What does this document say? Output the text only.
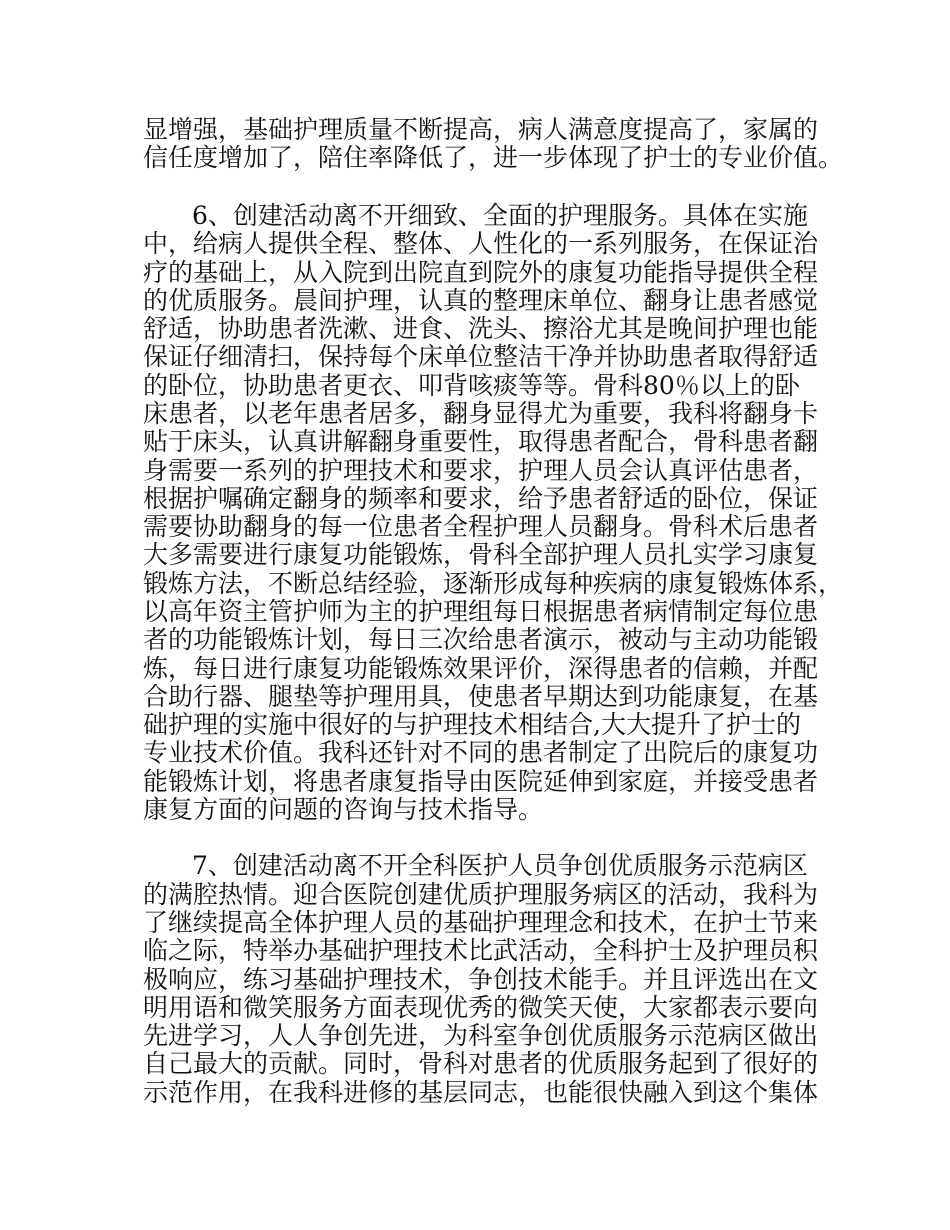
显增强，基础护理质量不断提高，病人满意度提高了，家属的
信任度增加了，陪住率降低了，进一步体现了护士的专业价值。
6、创建活动离不开细致、全面的护理服务。具体在实施
中，给病人提供全程、整体、人性化的一系列服务，在保证治
疗的基础上，从入院到出院直到院外的康复功能指导提供全程
的优质服务。晨间护理，认真的整理床单位、翻身让患者感觉
舒适，协助患者洗漱、进食、洗头、擦浴尤其是晚间护理也能
保证仔细清扫，保持每个床单位整洁干净并协助患者取得舒适
的卧位，协助患者更衣、叩背咳痰等等。骨科80％以上的卧
床患者，以老年患者居多，翻身显得尤为重要，我科将翻身卡
贴于床头，认真讲解翻身重要性，取得患者配合，骨科患者翻
身需要一系列的护理技术和要求，护理人员会认真评估患者，
根据护嘱确定翻身的频率和要求，给予患者舒适的卧位，保证
需要协助翻身的每一位患者全程护理人员翻身。骨科术后患者
大多需要进行康复功能锻炼，骨科全部护理人员扎实学习康复
锻炼方法，不断总结经验，逐渐形成每种疾病的康复锻炼体系，
以高年资主管护师为主的护理组每日根据患者病情制定每位患
者的功能锻炼计划，每日三次给患者演示，被动与主动功能锻
炼，每日进行康复功能锻炼效果评价，深得患者的信赖，并配
合助行器、腿垫等护理用具，使患者早期达到功能康复，在基
础护理的实施中很好的与护理技术相结合,大大提升了护士的
专业技术价值。我科还针对不同的患者制定了出院后的康复功
能锻炼计划，将患者康复指导由医院延伸到家庭，并接受患者
康复方面的问题的咨询与技术指导。
7、创建活动离不开全科医护人员争创优质服务示范病区
的满腔热情。迎合医院创建优质护理服务病区的活动，我科为
了继续提高全体护理人员的基础护理理念和技术，在护士节来
临之际，特举办基础护理技术比武活动，全科护士及护理员积
极响应，练习基础护理技术，争创技术能手。并且评选出在文
明用语和微笑服务方面表现优秀的微笑天使，大家都表示要向
先进学习，人人争创先进，为科室争创优质服务示范病区做出
自己最大的贡献。同时，骨科对患者的优质服务起到了很好的
示范作用，在我科进修的基层同志，也能很快融入到这个集体
